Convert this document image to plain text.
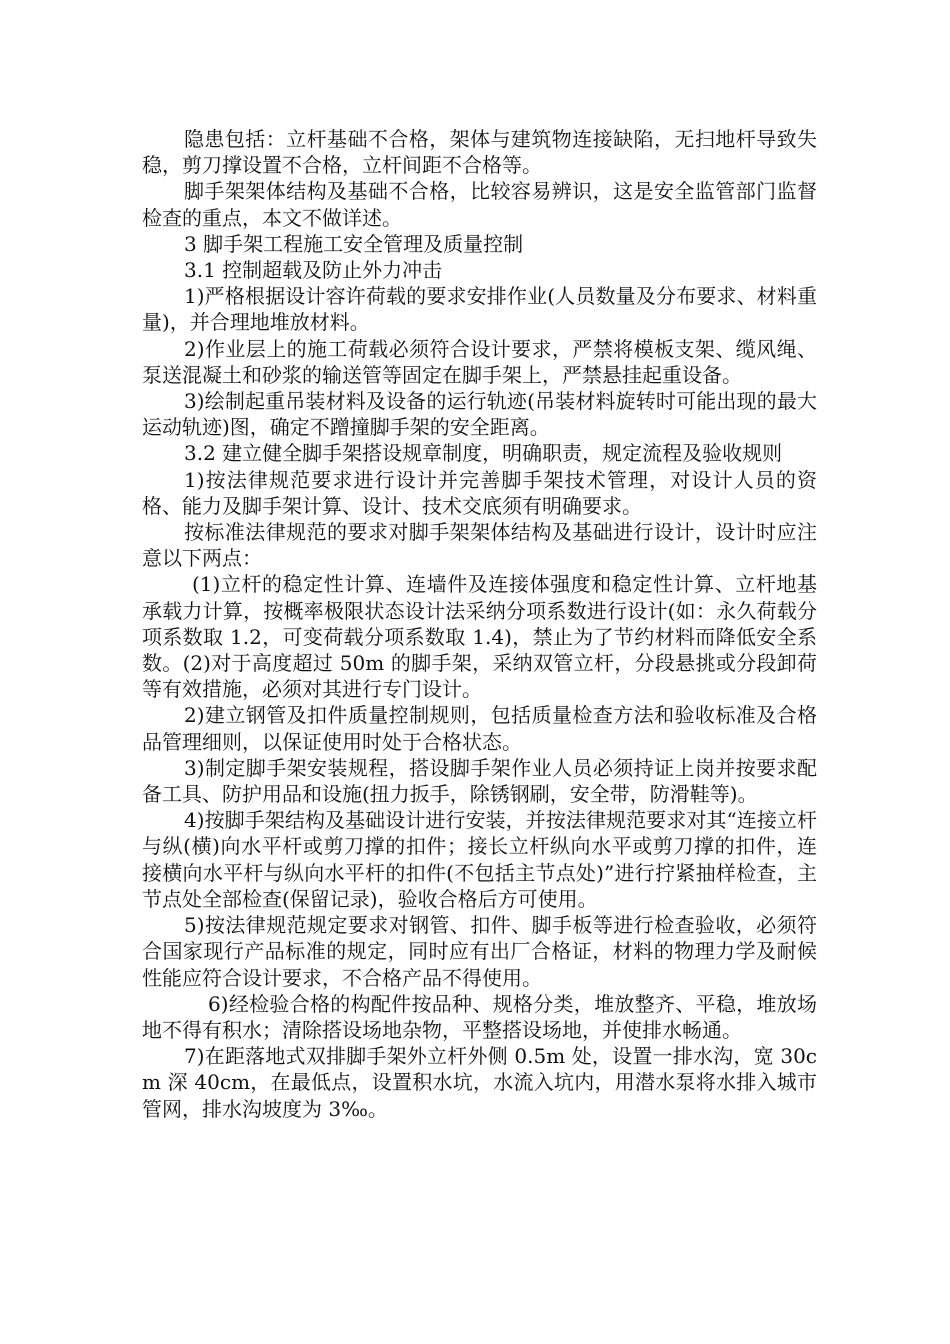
隐患包括：立杆基础不合格，架体与建筑物连接缺陷，无扫地杆导致失稳，剪刀撑设置不合格，立杆间距不合格等。

脚手架架体结构及基础不合格，比较容易辨识，这是安全监管部门监督检查的重点，本文不做详述。

3 脚手架工程施工安全管理及质量控制

3.1 控制超载及防止外力冲击

1)严格根据设计容许荷载的要求安排作业(人员数量及分布要求、材料重量)，并合理地堆放材料。

2)作业层上的施工荷载必须符合设计要求，严禁将模板支架、缆风绳、泵送混凝土和砂浆的输送管等固定在脚手架上，严禁悬挂起重设备。

3)绘制起重吊装材料及设备的运行轨迹(吊装材料旋转时可能出现的最大运动轨迹)图，确定不蹭撞脚手架的安全距离。

3.2 建立健全脚手架搭设规章制度，明确职责，规定流程及验收规则

1)按法律规范要求进行设计并完善脚手架技术管理，对设计人员的资格、能力及脚手架计算、设计、技术交底须有明确要求。

按标准法律规范的要求对脚手架架体结构及基础进行设计，设计时应注意以下两点：

(1)立杆的稳定性计算、连墙件及连接体强度和稳定性计算、立杆地基承载力计算，按概率极限状态设计法采纳分项系数进行设计(如：永久荷载分项系数取 1.2，可变荷载分项系数取 1.4)，禁止为了节约材料而降低安全系数。(2)对于高度超过 50m 的脚手架，采纳双管立杆，分段悬挑或分段卸荷等有效措施，必须对其进行专门设计。

2)建立钢管及扣件质量控制规则，包括质量检查方法和验收标准及合格品管理细则，以保证使用时处于合格状态。

3)制定脚手架安装规程，搭设脚手架作业人员必须持证上岗并按要求配备工具、防护用品和设施(扭力扳手，除锈钢刷，安全带，防滑鞋等)。

4)按脚手架结构及基础设计进行安装，并按法律规范要求对其“连接立杆与纵(横)向水平杆或剪刀撑的扣件；接长立杆纵向水平或剪刀撑的扣件，连接横向水平杆与纵向水平杆的扣件(不包括主节点处)”进行拧紧抽样检查，主节点处全部检查(保留记录)，验收合格后方可使用。

5)按法律规范规定要求对钢管、扣件、脚手板等进行检查验收，必须符合国家现行产品标准的规定，同时应有出厂合格证，材料的物理力学及耐候性能应符合设计要求，不合格产品不得使用。

6)经检验合格的构配件按品种、规格分类，堆放整齐、平稳，堆放场地不得有积水；清除搭设场地杂物，平整搭设场地，并使排水畅通。

7)在距落地式双排脚手架外立杆外侧 0.5m 处，设置一排水沟，宽 30cm 深 40cm，在最低点，设置积水坑，水流入坑内，用潜水泵将水排入城市管网，排水沟坡度为 3‰。
